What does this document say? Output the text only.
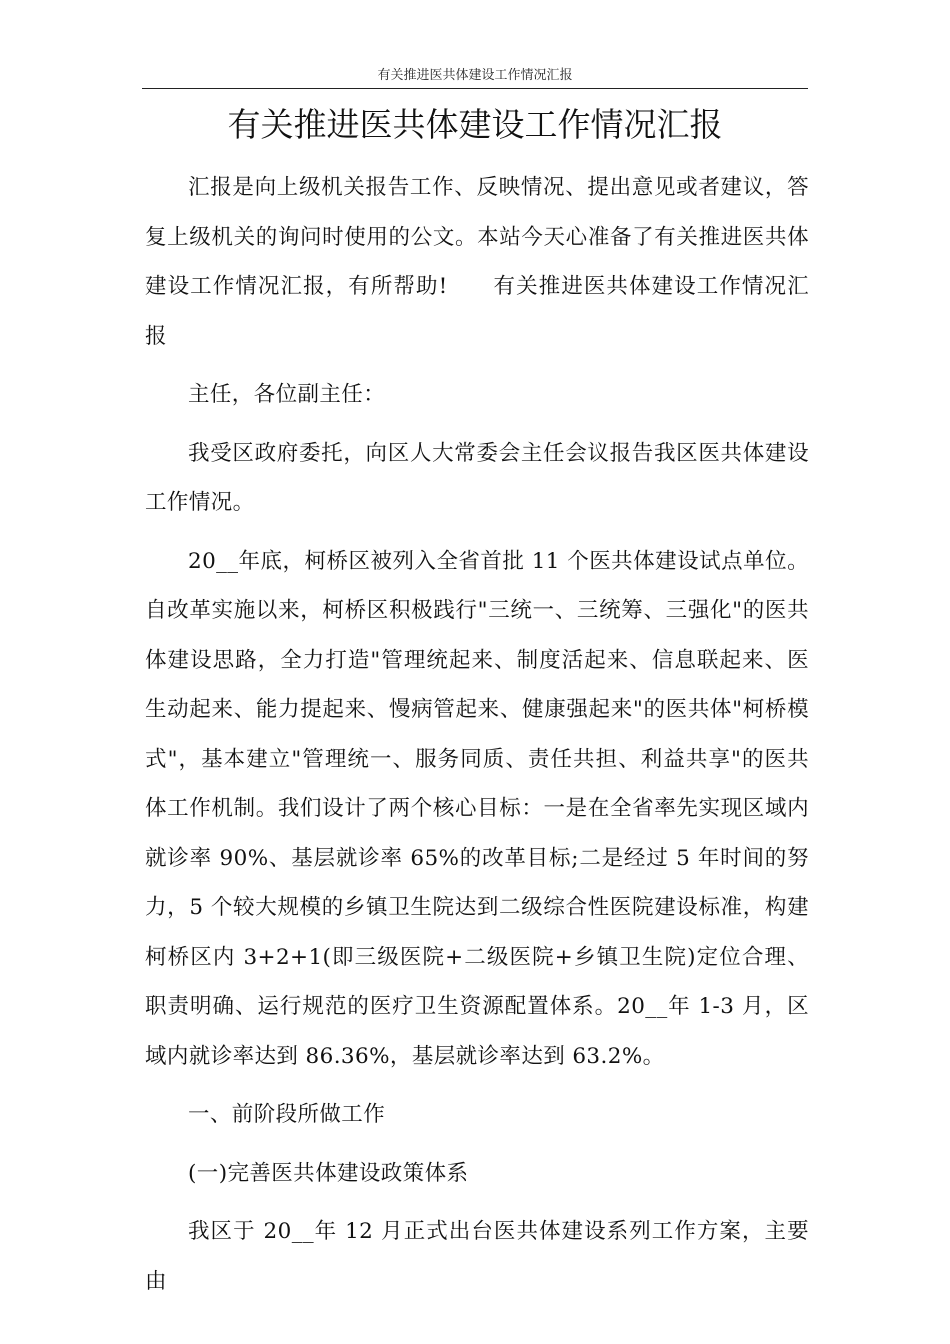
有关推进医共体建设工作情况汇报
有关推进医共体建设工作情况汇报

汇报是向上级机关报告工作、反映情况、提出意见或者建议，答复上级机关的询问时使用的公文。本站今天心准备了有关推进医共体建设工作情况汇报，有所帮助!　　有关推进医共体建设工作情况汇报

主任，各位副主任：

我受区政府委托，向区人大常委会主任会议报告我区医共体建设工作情况。

20__年底，柯桥区被列入全省首批 11 个医共体建设试点单位。自改革实施以来，柯桥区积极践行"三统一、三统筹、三强化"的医共体建设思路，全力打造"管理统起来、制度活起来、信息联起来、医生动起来、能力提起来、慢病管起来、健康强起来"的医共体"柯桥模式"，基本建立"管理统一、服务同质、责任共担、利益共享"的医共体工作机制。我们设计了两个核心目标：一是在全省率先实现区域内就诊率 90%、基层就诊率 65%的改革目标;二是经过 5 年时间的努力，5 个较大规模的乡镇卫生院达到二级综合性医院建设标准，构建柯桥区内 3+2+1(即三级医院+二级医院+乡镇卫生院)定位合理、职责明确、运行规范的医疗卫生资源配置体系。20__年 1-3 月，区域内就诊率达到 86.36%，基层就诊率达到 63.2%。

一、前阶段所做工作

(一)完善医共体建设政策体系

我区于 20__年 12 月正式出台医共体建设系列工作方案，主要由
